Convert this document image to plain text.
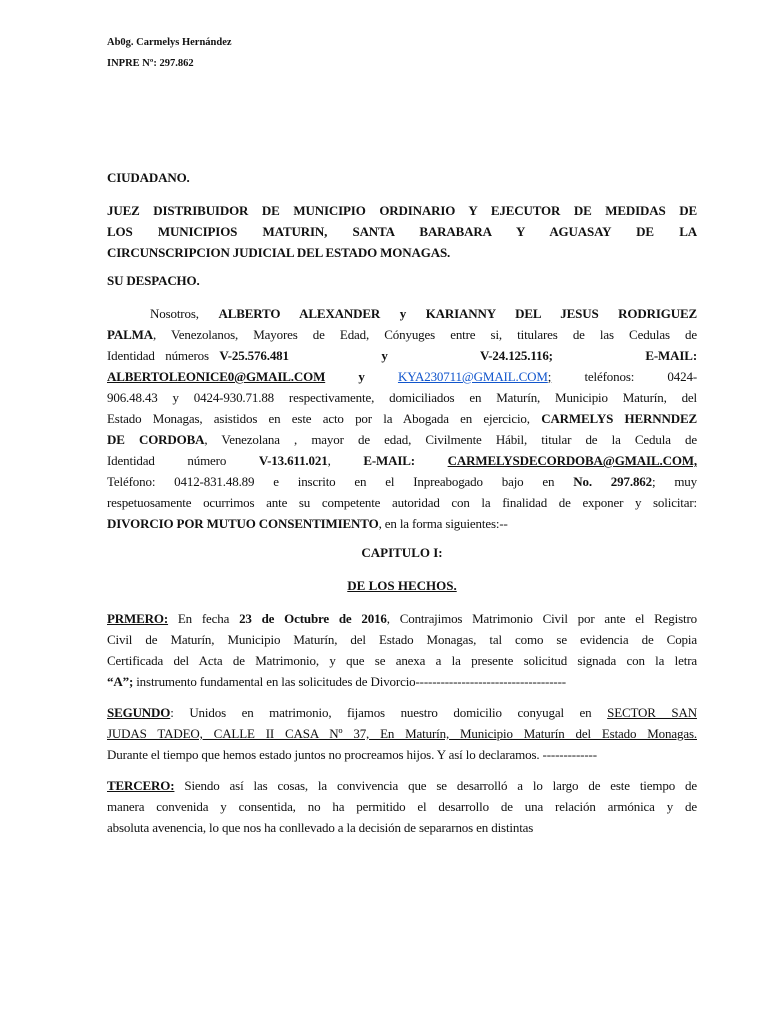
Ab0g. Carmelys Hernández
INPRE Nº: 297.862
CIUDADANO.
JUEZ DISTRIBUIDOR DE MUNICIPIO ORDINARIO Y EJECUTOR DE MEDIDAS DE
LOS MUNICIPIOS MATURIN, SANTA BARABARA Y AGUASAY DE LA
CIRCUNSCRIPCION JUDICIAL DEL ESTADO MONAGAS.
SU DESPACHO.
Nosotros, ALBERTO ALEXANDER y KARIANNY DEL JESUS RODRIGUEZ
PALMA, Venezolanos, Mayores de Edad, Cónyuges entre si, titulares de las Cedulas de
Identidad números V-25.576.481 y V-24.125.116; E-MAIL:
ALBERTOLEONICE0@GMAIL.COM y KYA230711@GMAIL.COM; teléfonos: 0424-
906.48.43 y 0424-930.71.88 respectivamente, domiciliados en Maturín, Municipio Maturín, del
Estado Monagas, asistidos en este acto por la Abogada en ejercicio, CARMELYS HERNNDEZ
DE CORDOBA, Venezolana , mayor de edad, Civilmente Hábil, titular de la Cedula de
Identidad número V-13.611.021, E-MAIL: CARMELYSDECORDOBA@GMAIL.COM,
Teléfono: 0412-831.48.89 e inscrito en el Inpreabogado bajo en No. 297.862; muy
respetuosamente ocurrimos ante su competente autoridad con la finalidad de exponer y solicitar:
DIVORCIO POR MUTUO CONSENTIMIENTO, en la forma siguientes:--
CAPITULO I:
DE LOS HECHOS.
PRMERO: En fecha 23 de Octubre de 2016, Contrajimos Matrimonio Civil por ante el Registro
Civil de Maturín, Municipio Maturín, del Estado Monagas, tal como se evidencia de Copia
Certificada del Acta de Matrimonio, y que se anexa a la presente solicitud signada con la letra
“A”; instrumento fundamental en las solicitudes de Divorcio------------------------------------
SEGUNDO: Unidos en matrimonio, fijamos nuestro domicilio conyugal en SECTOR SAN
JUDAS TADEO, CALLE II CASA Nº 37, En Maturín, Municipio Maturín del Estado Monagas.
Durante el tiempo que hemos estado juntos no procreamos hijos. Y así lo declaramos. -------------
TERCERO: Siendo así las cosas, la convivencia que se desarrolló a lo largo de este tiempo de
manera convenida y consentida, no ha permitido el desarrollo de una relación armónica y de
absoluta avenencia, lo que nos ha conllevado a la decisión de separarnos en distintas
